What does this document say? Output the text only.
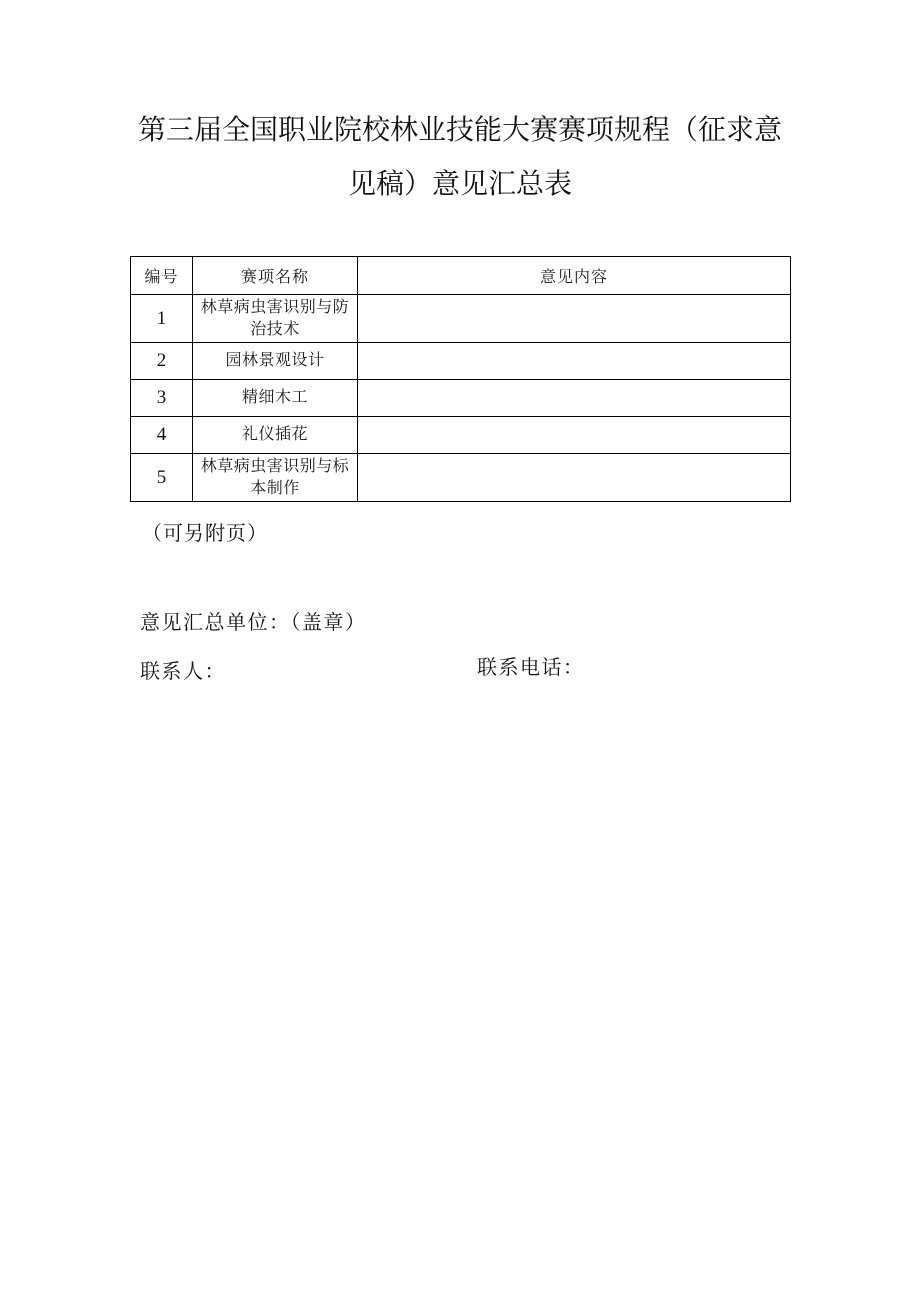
第三届全国职业院校林业技能大赛赛项规程（征求意
见稿）意见汇总表
编号	赛项名称	意见内容
1	林草病虫害识别与防治技术	
2	园林景观设计	
3	精细木工	
4	礼仪插花	
5	林草病虫害识别与标本制作	
（可另附页）
意见汇总单位：（盖章）
联系人：	联系电话：
